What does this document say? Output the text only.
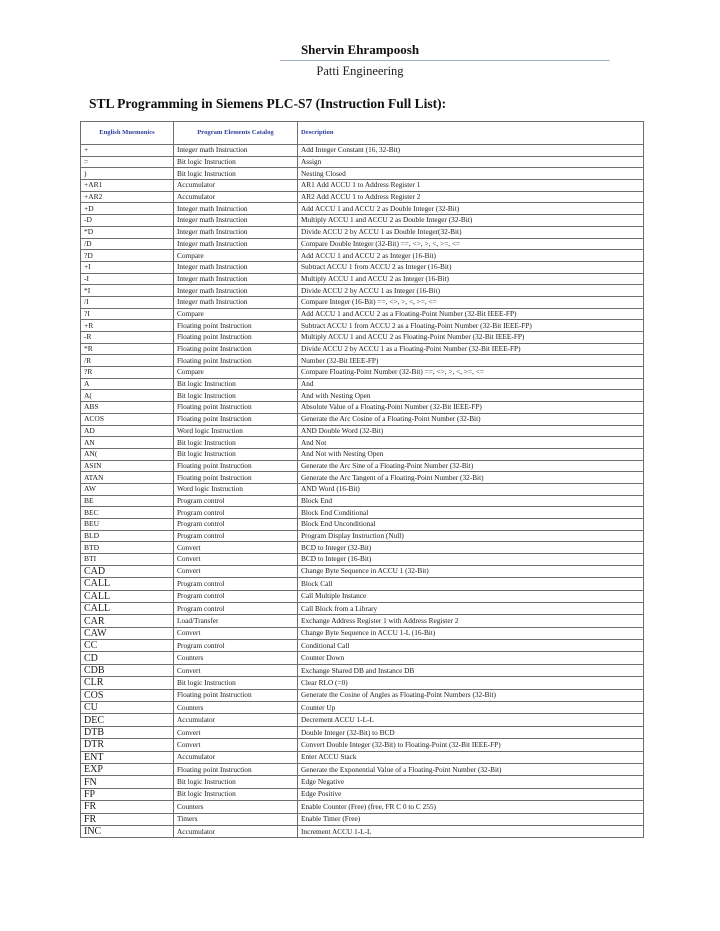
Shervin Ehrampoosh
Patti Engineering
STL Programming in Siemens PLC-S7 (Instruction Full List):
English Mnemonics	Program Elements Catalog	Description
+	Integer math Instruction	Add Integer Constant (16, 32-Bit)
=	Bit logic Instruction	Assign
)	Bit logic Instruction	Nesting Closed
+AR1	Accumulator	AR1 Add ACCU 1 to Address Register 1
+AR2	Accumulator	AR2 Add ACCU 1 to Address Register 2
+D	Integer math Instruction	Add ACCU 1 and ACCU 2 as Double Integer (32-Bit)
-D	Integer math Instruction	Multiply ACCU 1 and ACCU 2 as Double Integer (32-Bit)
*D	Integer math Instruction	Divide ACCU 2 by ACCU 1 as Double Integer(32-Bit)
/D	Integer math Instruction	Compare Double Integer (32-Bit) ==, <>, >, <, >=, <=
?D	Compare	Add ACCU 1 and ACCU 2 as Integer (16-Bit)
+I	Integer math Instruction	Subtract ACCU 1 from ACCU 2 as Integer (16-Bit)
-I	Integer math Instruction	Multiply ACCU 1 and ACCU 2 as Integer (16-Bit)
*I	Integer math Instruction	Divide ACCU 2 by ACCU 1 as Integer (16-Bit)
/I	Integer math Instruction	Compare Integer (16-Bit) ==, <>, >, <, >=, <=
?I	Compare	Add ACCU 1 and ACCU 2 as a Floating-Point Number (32-Bit IEEE-FP)
+R	Floating point Instruction	Subtract ACCU 1 from ACCU 2 as a Floating-Point Number (32-Bit IEEE-FP)
-R	Floating point Instruction	Multiply ACCU 1 and ACCU 2 as Floating-Point Number (32-Bit IEEE-FP)
*R	Floating point Instruction	Divide ACCU 2 by ACCU 1 as a Floating-Point Number (32-Bit IEEE-FP)
/R	Floating point Instruction	Number (32-Bit IEEE-FP)
?R	Compare	Compare Floating-Point Number (32-Bit) ==, <>, >, <, >=, <=
A	Bit logic Instruction	And
A(	Bit logic Instruction	And with Nesting Open
ABS	Floating point Instruction	Absolute Value of a Floating-Point Number (32-Bit IEEE-FP)
ACOS	Floating point Instruction	Generate the Arc Cosine of a Floating-Point Number (32-Bit)
AD	Word logic Instruction	AND Double Word (32-Bit)
AN	Bit logic Instruction	And Not
AN(	Bit logic Instruction	And Not with Nesting Open
ASIN	Floating point Instruction	Generate the Arc Sine of a Floating-Point Number (32-Bit)
ATAN	Floating point Instruction	Generate the Arc Tangent of a Floating-Point Number (32-Bit)
AW	Word logic Instruction	AND Word (16-Bit)
BE	Program control	Block End
BEC	Program control	Block End Conditional
BEU	Program control	Block End Unconditional
BLD	Program control	Program Display Instruction (Null)
BTD	Convert	BCD to Integer (32-Bit)
BTI	Convert	BCD to Integer (16-Bit)
CAD	Convert	Change Byte Sequence in ACCU 1 (32-Bit)
CALL	Program control	Block Call
CALL	Program control	Call Multiple Instance
CALL	Program control	Call Block from a Library
CAR	Load/Transfer	Exchange Address Register 1 with Address Register 2
CAW	Convert	Change Byte Sequence in ACCU 1-L (16-Bit)
CC	Program control	Conditional Call
CD	Counters	Counter Down
CDB	Convert	Exchange Shared DB and Instance DB
CLR	Bit logic Instruction	Clear RLO (=0)
COS	Floating point Instruction	Generate the Cosine of Angles as Floating-Point Numbers (32-Bit)
CU	Counters	Counter Up
DEC	Accumulator	Decrement ACCU 1-L-L
DTB	Convert	Double Integer (32-Bit) to BCD
DTR	Convert	Convert Double Integer (32-Bit) to Floating-Point (32-Bit IEEE-FP)
ENT	Accumulator	Enter ACCU Stack
EXP	Floating point Instruction	Generate the Exponential Value of a Floating-Point Number (32-Bit)
FN	Bit logic Instruction	Edge Negative
FP	Bit logic Instruction	Edge Positive
FR	Counters	Enable Counter (Free) (free, FR C 0 to C 255)
FR	Timers	Enable Timer (Free)
INC	Accumulator	Increment ACCU 1-L-L
